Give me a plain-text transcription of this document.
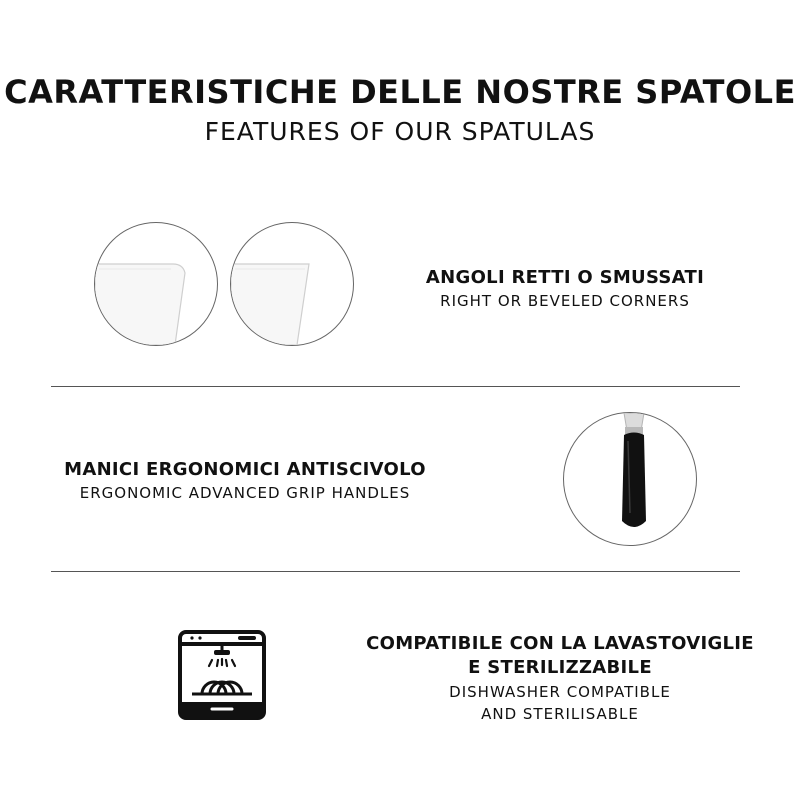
CARATTERISTICHE DELLE NOSTRE SPATOLE
FEATURES OF OUR SPATULAS
ANGOLI RETTI O SMUSSATI
RIGHT OR BEVELED CORNERS
MANICI ERGONOMICI ANTISCIVOLO
ERGONOMIC ADVANCED GRIP HANDLES
COMPATIBILE CON LA LAVASTOVIGLIE
E STERILIZZABILE
DISHWASHER COMPATIBLE
AND STERILISABLE
